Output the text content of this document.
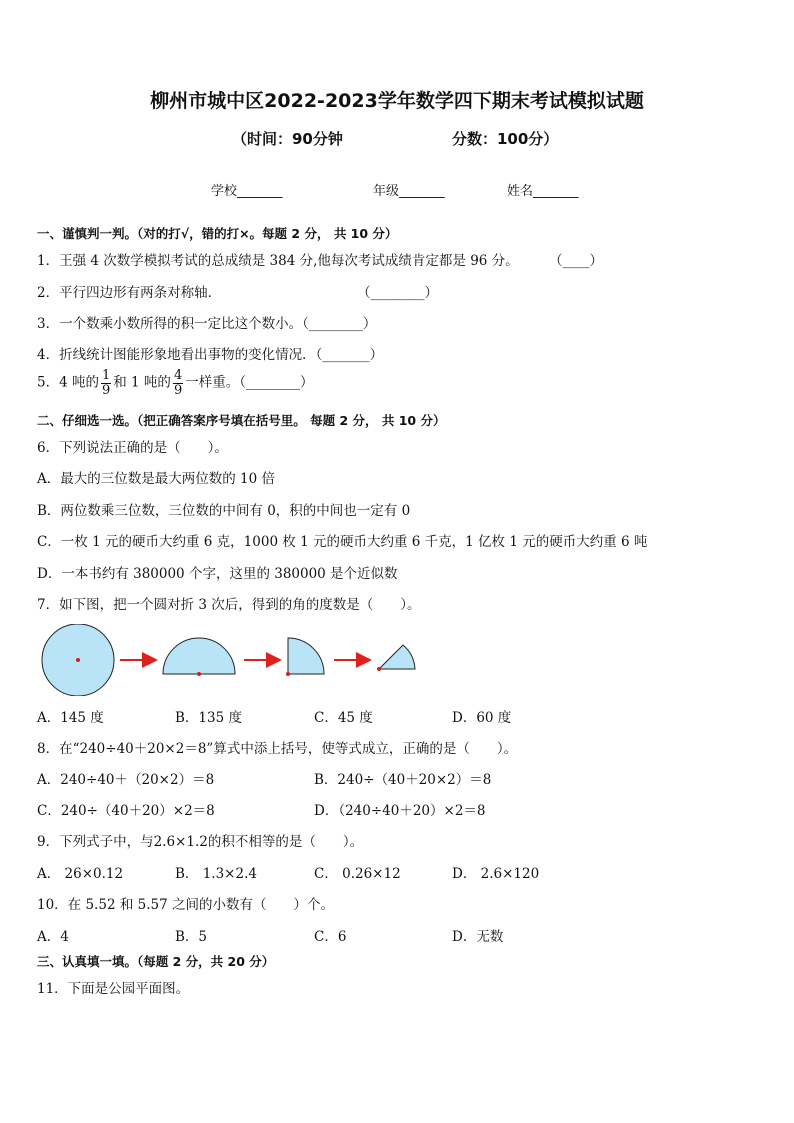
柳州市城中区2022-2023学年数学四下期末考试模拟试题
（时间：90分钟	分数：100分）
学校_______	年级_______	姓名_______
一、谨慎判一判。（对的打√，错的打×。每题 2 分， 共 10 分）
1．王强 4 次数学模拟考试的总成绩是 384 分,他每次考试成绩肯定都是 96 分。 （____）
2．平行四边形有两条对称轴．	（________）
3．一个数乘小数所得的积一定比这个数小。（________）
4．折线统计图能形象地看出事物的变化情况．（_______）
5．4 吨的 $\frac{1}{9}$ 和 1 吨的 $\frac{4}{9}$ 一样重。（________）
二、仔细选一选。（把正确答案序号填在括号里。 每题 2 分， 共 10 分）
6．下列说法正确的是（　　）。
A．最大的三位数是最大两位数的 10 倍
B．两位数乘三位数，三位数的中间有 0，积的中间也一定有 0
C．一枚 1 元的硬币大约重 6 克，1000 枚 1 元的硬币大约重 6 千克，1 亿枚 1 元的硬币大约重 6 吨
D．一本书约有 380000 个字，这里的 380000 是个近似数
7．如下图，把一个圆对折 3 次后，得到的角的度数是（　　）。
A．145 度	B．135 度	C．45 度	D．60 度
8．在“240÷40＋20×2＝8”算式中添上括号，使等式成立，正确的是（　　）。
A．240÷40＋（20×2）＝8	B．240÷（40＋20×2）＝8
C．240÷（40＋20）×2＝8	D．（240÷40＋20）×2＝8
9．下列式子中，与2.6×1.2的积不相等的是（　　）。
A． 26×0.12	B． 1.3×2.4	C． 0.26×12	D． 2.6×120
10．在 5.52 和 5.57 之间的小数有（　　）个。
A．4	B．5	C．6	D．无数
三、认真填一填。（每题 2 分，共 20 分）
11．下面是公园平面图。
